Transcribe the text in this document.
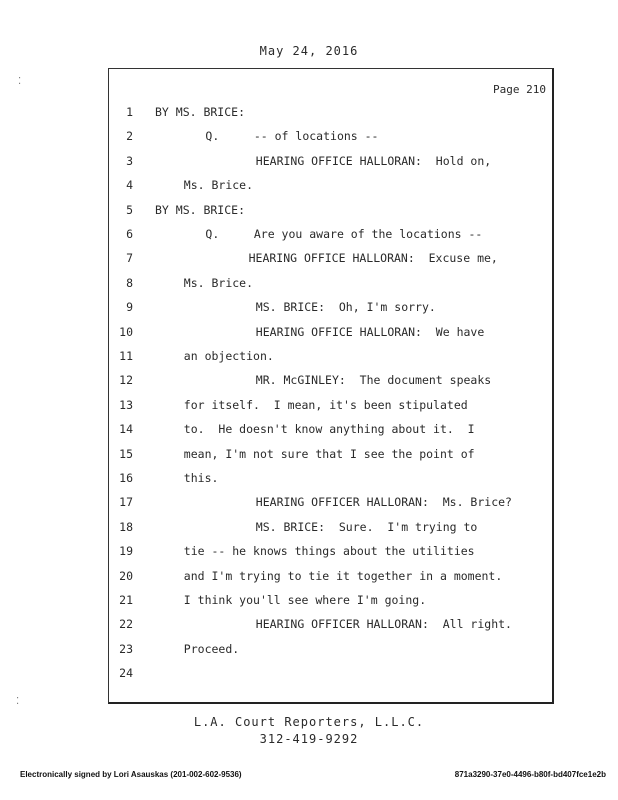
May 24, 2016
Page 210
1 BY MS. BRICE:
2	Q.     -- of locations --
3	HEARING OFFICE HALLORAN:  Hold on,
4	Ms. Brice.
5 BY MS. BRICE:
6	Q.     Are you aware of the locations --
7	HEARING OFFICE HALLORAN:  Excuse me,
8	Ms. Brice.
9	MS. BRICE:  Oh, I'm sorry.
10	HEARING OFFICE HALLORAN:  We have
11	an objection.
12	MR. McGINLEY:  The document speaks
13	for itself.  I mean, it's been stipulated
14	to.  He doesn't know anything about it.  I
15	mean, I'm not sure that I see the point of
16	this.
17	HEARING OFFICER HALLORAN:  Ms. Brice?
18	MS. BRICE:  Sure.  I'm trying to
19	tie -- he knows things about the utilities
20	and I'm trying to tie it together in a moment.
21	I think you'll see where I'm going.
22	HEARING OFFICER HALLORAN:  All right.
23	Proceed.
24
L.A. Court Reporters, L.L.C.
312-419-9292
Electronically signed by Lori Asauskas (201-002-602-9536)	871a3290-37e0-4496-b80f-bd407fce1e2b
⁚
⁚
